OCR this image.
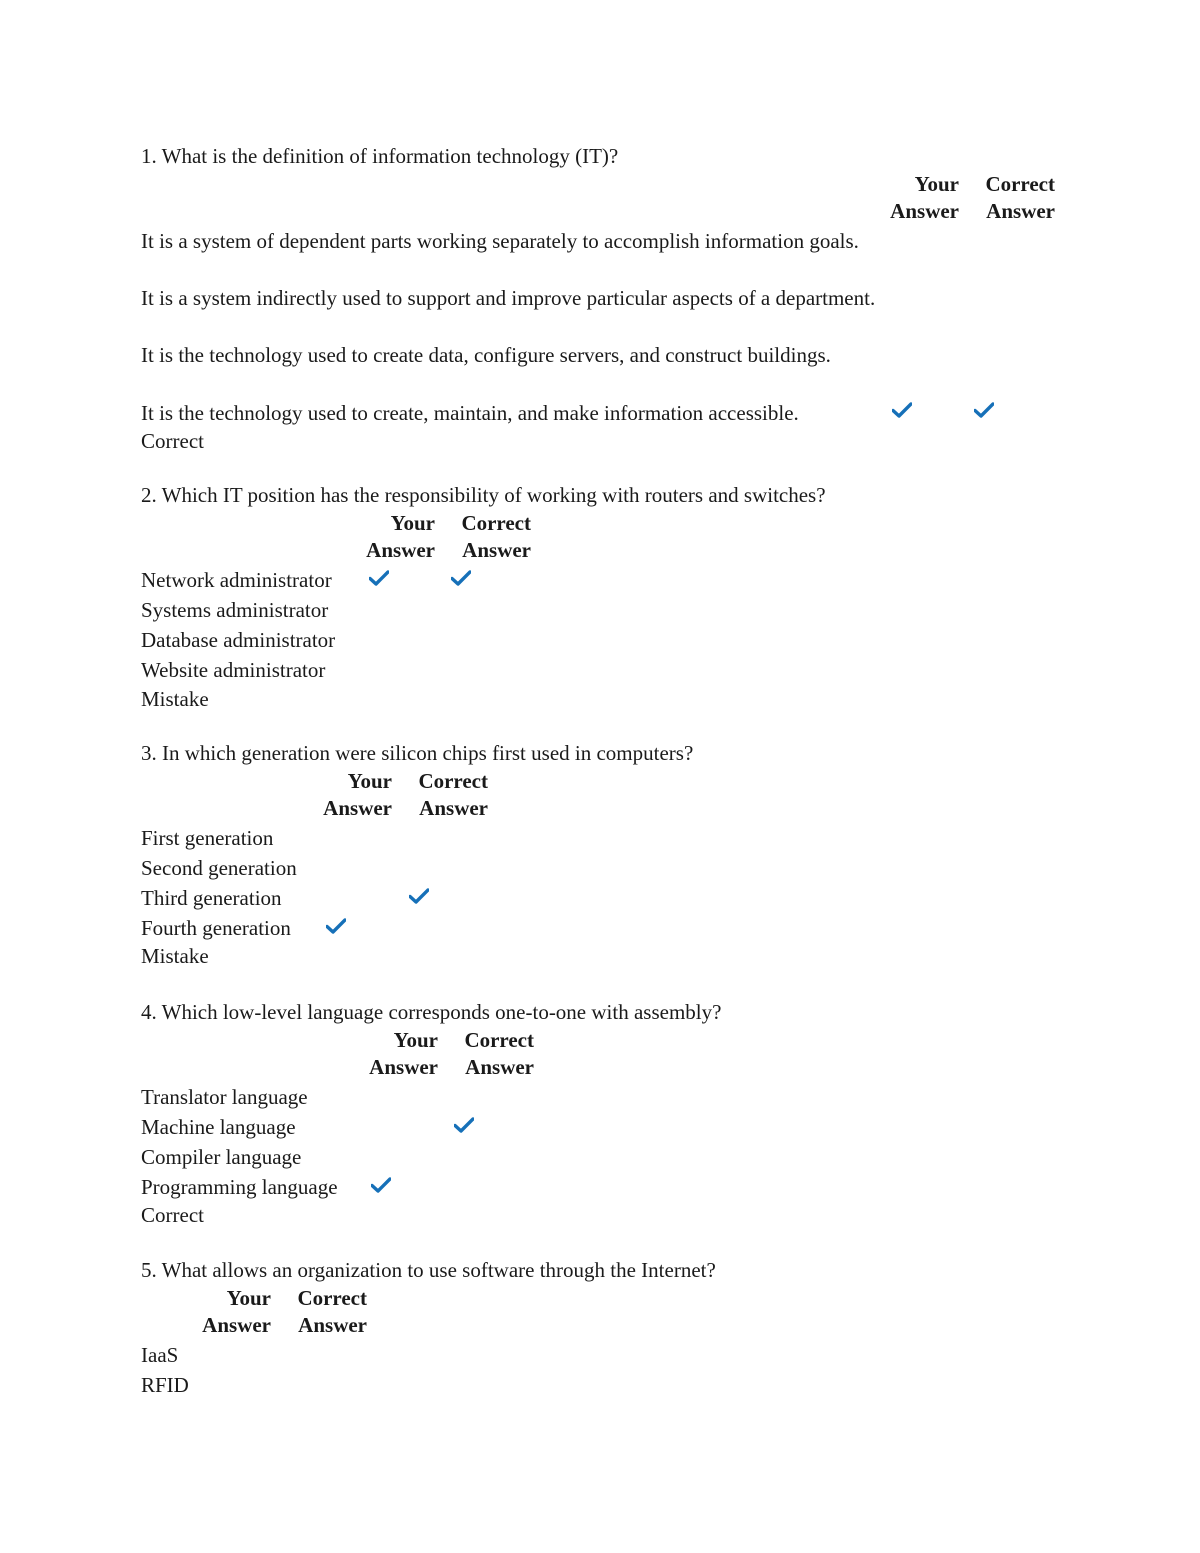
1. What is the definition of information technology (IT)?
Your
Answer
Correct
Answer
It is a system of dependent parts working separately to accomplish information goals.
It is a system indirectly used to support and improve particular aspects of a department.
It is the technology used to create data, configure servers, and construct buildings.
It is the technology used to create, maintain, and make information accessible.
Correct
2. Which IT position has the responsibility of working with routers and switches?
Your
Answer
Correct
Answer
Network administrator
Systems administrator
Database administrator
Website administrator
Mistake
3. In which generation were silicon chips first used in computers?
Your
Answer
Correct
Answer
First generation
Second generation
Third generation
Fourth generation
Mistake
4. Which low-level language corresponds one-to-one with assembly?
Your
Answer
Correct
Answer
Translator language
Machine language
Compiler language
Programming language
Correct
5. What allows an organization to use software through the Internet?
Your
Answer
Correct
Answer
IaaS
RFID
